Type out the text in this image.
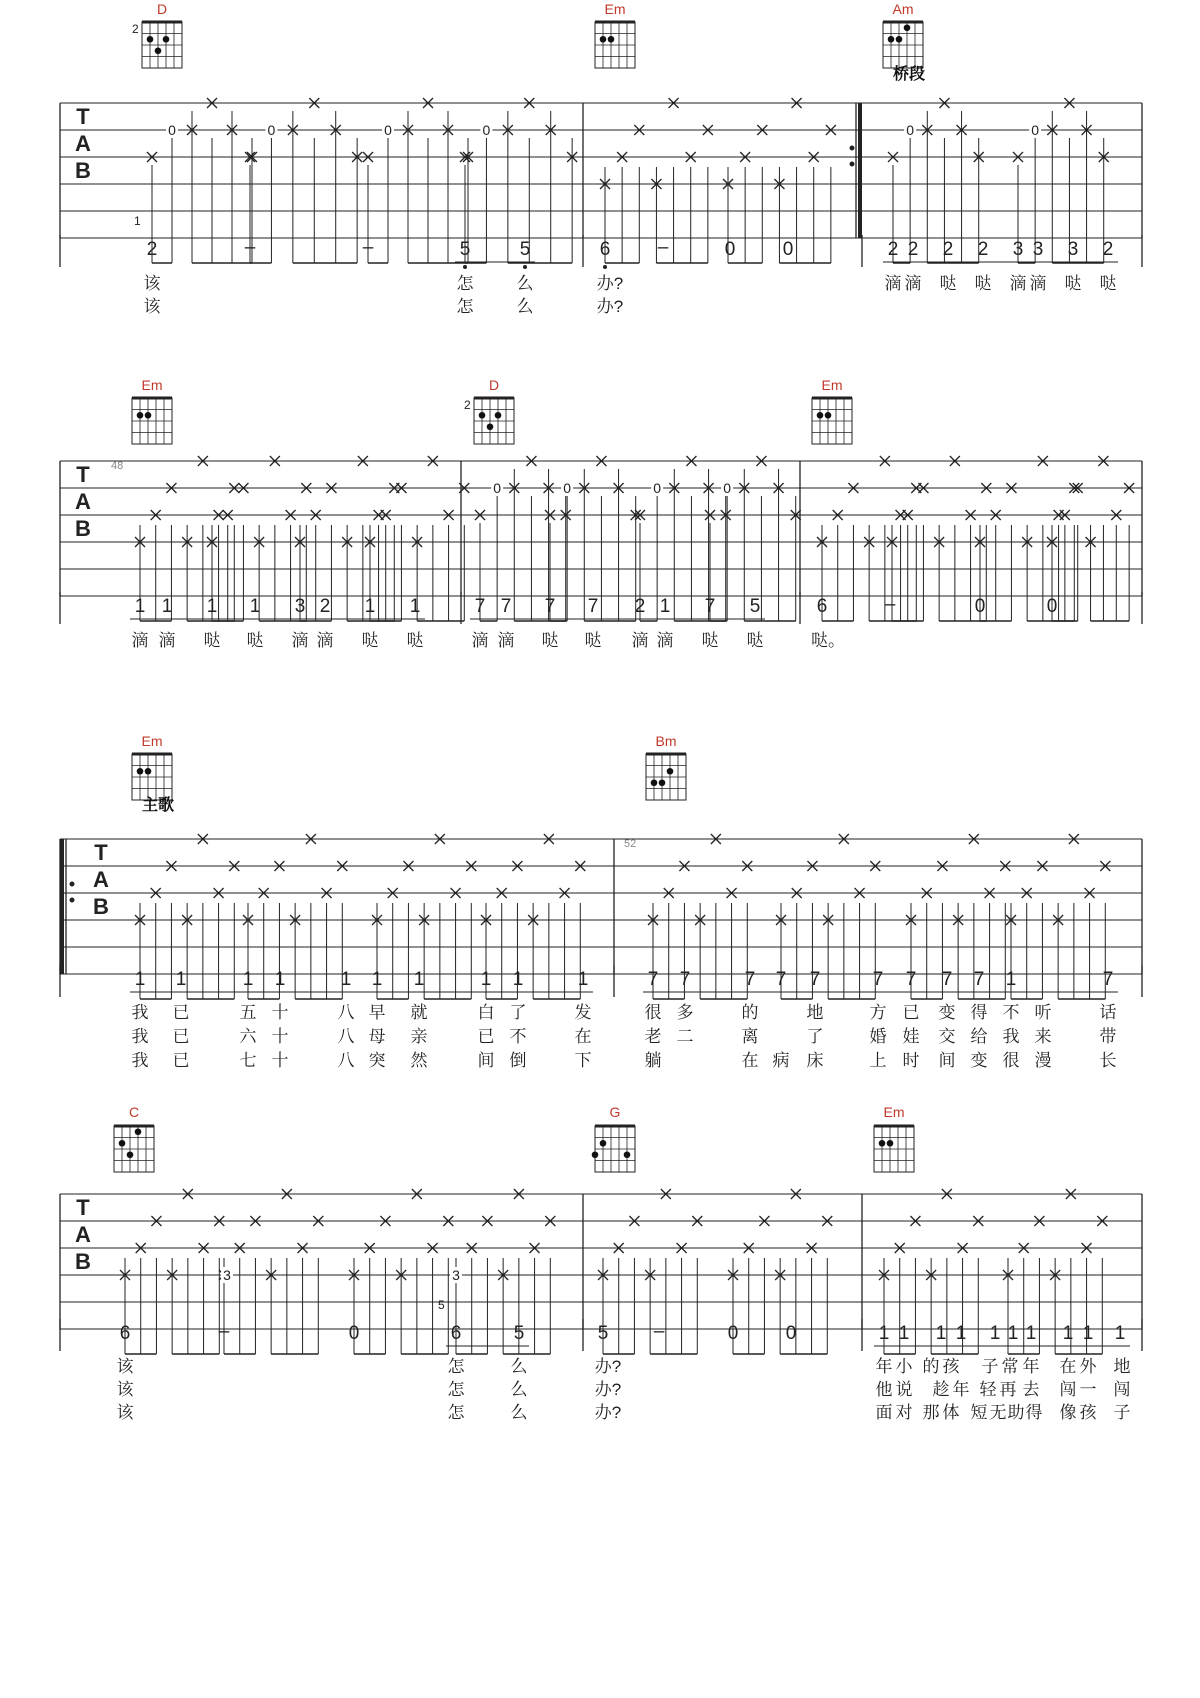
0	0	0	0	0	0
0	0	0	0
3	3
D	Em	Am
2
桥段
T
A
B
1
2	–	–	5	5	6 –	0 0	2 2 2 2 3 3 3 2
该	怎	么	办?	滴 滴 哒 哒 滴 滴 哒 哒
该	怎	么	办?
Em	D	Em
2
48
T
A
B
1 1 1 1 3 2 1 1	7 7 7 7 2 1 7 5	6	–	0	0
滴 滴 哒 哒 滴 滴 哒 哒	滴 滴 哒 哒 滴 滴 哒 哒	哒。
Em	Bm
主歌
52
T
A
B
1 1	1 1	1 1 1	1 1	1	7 7	7 7 7	7 7 7 7 1	7
我 已	五 十	八 早 就	白 了	发	很 多	的	地	方 已 变 得 不 听	话
我 已	六 十	八 母 亲	已 不	在	老 二	离	了	婚 娃 交 给 我 来	带
我 已	七 十	八 突 然	间 倒	下	躺	在 病 床	上 时 间 变 很 漫	长
C	G	Em
T
A
B
5
6	–	0	6	5	5 –	0 0	1 1 1 1 1 1 1 1 1 1
该	怎	么	办?	年 小 的 孩 子 常 年 在 外 地
该	怎	么	办?	他 说 趁 年 轻 再 去 闯 一 闯
该	怎	么	办?	面 对 那 体 短 无 助 得 像 孩 子
